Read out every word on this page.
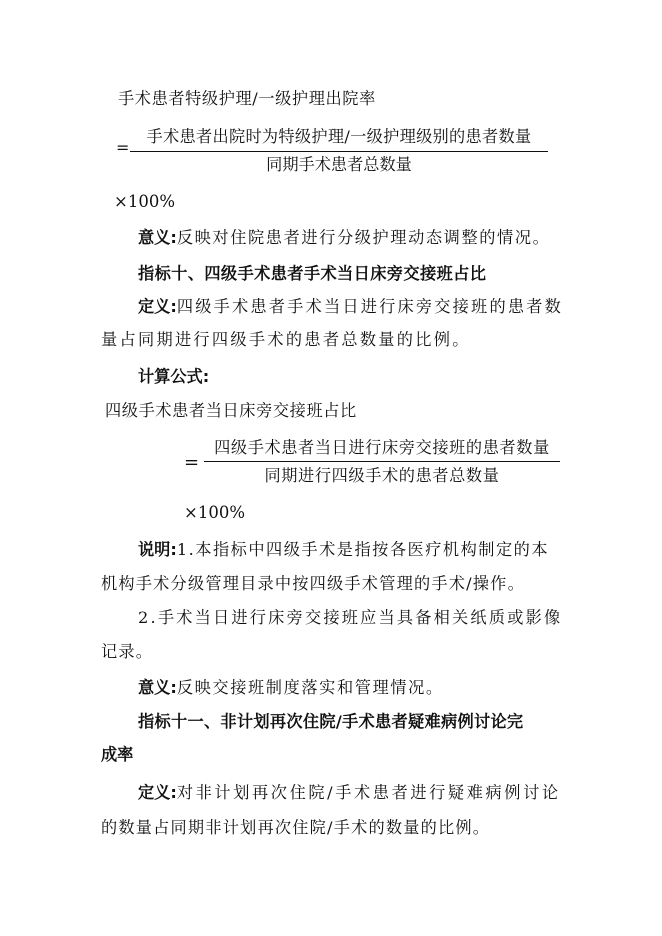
手术患者特级护理/一级护理出院率
=
手术患者出院时为特级护理/一级护理级别的患者数量
同期手术患者总数量
×100%
意义:反映对住院患者进行分级护理动态调整的情况。
指标十、四级手术患者手术当日床旁交接班占比
定义:四级手术患者手术当日进行床旁交接班的患者数
量占同期进行四级手术的患者总数量的比例。
计算公式:
四级手术患者当日床旁交接班占比
=
四级手术患者当日进行床旁交接班的患者数量
同期进行四级手术的患者总数量
×100%
说明:1.本指标中四级手术是指按各医疗机构制定的本
机构手术分级管理目录中按四级手术管理的手术/操作。
2.手术当日进行床旁交接班应当具备相关纸质或影像
记录。
意义:反映交接班制度落实和管理情况。
指标十一、非计划再次住院/手术患者疑难病例讨论完
成率
定义:对非计划再次住院/手术患者进行疑难病例讨论
的数量占同期非计划再次住院/手术的数量的比例。
